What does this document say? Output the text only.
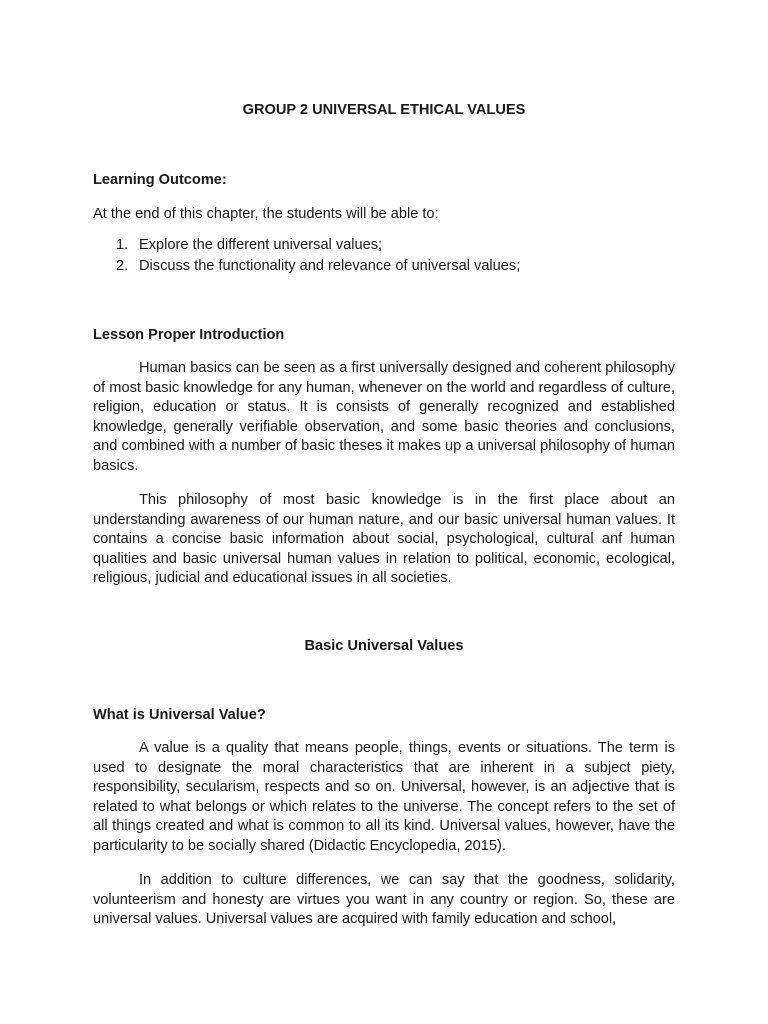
GROUP 2 UNIVERSAL ETHICAL VALUES
Learning Outcome:

At the end of this chapter, the students will be able to:

1. Explore the different universal values;
2. Discuss the functionality and relevance of universal values;
Lesson Proper Introduction

Human basics can be seen as a first universally designed and coherent philosophy of most basic knowledge for any human, whenever on the world and regardless of culture, religion, education or status. It is consists of generally recognized and established knowledge, generally verifiable observation, and some basic theories and conclusions, and combined with a number of basic theses it makes up a universal philosophy of human basics.

This philosophy of most basic knowledge is in the first place about an understanding awareness of our human nature, and our basic universal human values. It contains a concise basic information about social, psychological, cultural anf human qualities and basic universal human values in relation to political, economic, ecological, religious, judicial and educational issues in all societies.

Basic Universal Values
What is Universal Value?

A value is a quality that means people, things, events or situations. The term is used to designate the moral characteristics that are inherent in a subject piety, responsibility, secularism, respects and so on. Universal, however, is an adjective that is related to what belongs or which relates to the universe. The concept refers to the set of all things created and what is common to all its kind. Universal values, however, have the particularity to be socially shared (Didactic Encyclopedia, 2015).

In addition to culture differences, we can say that the goodness, solidarity, volunteerism and honesty are virtues you want in any country or region. So, these are universal values. Universal values are acquired with family education and school,
